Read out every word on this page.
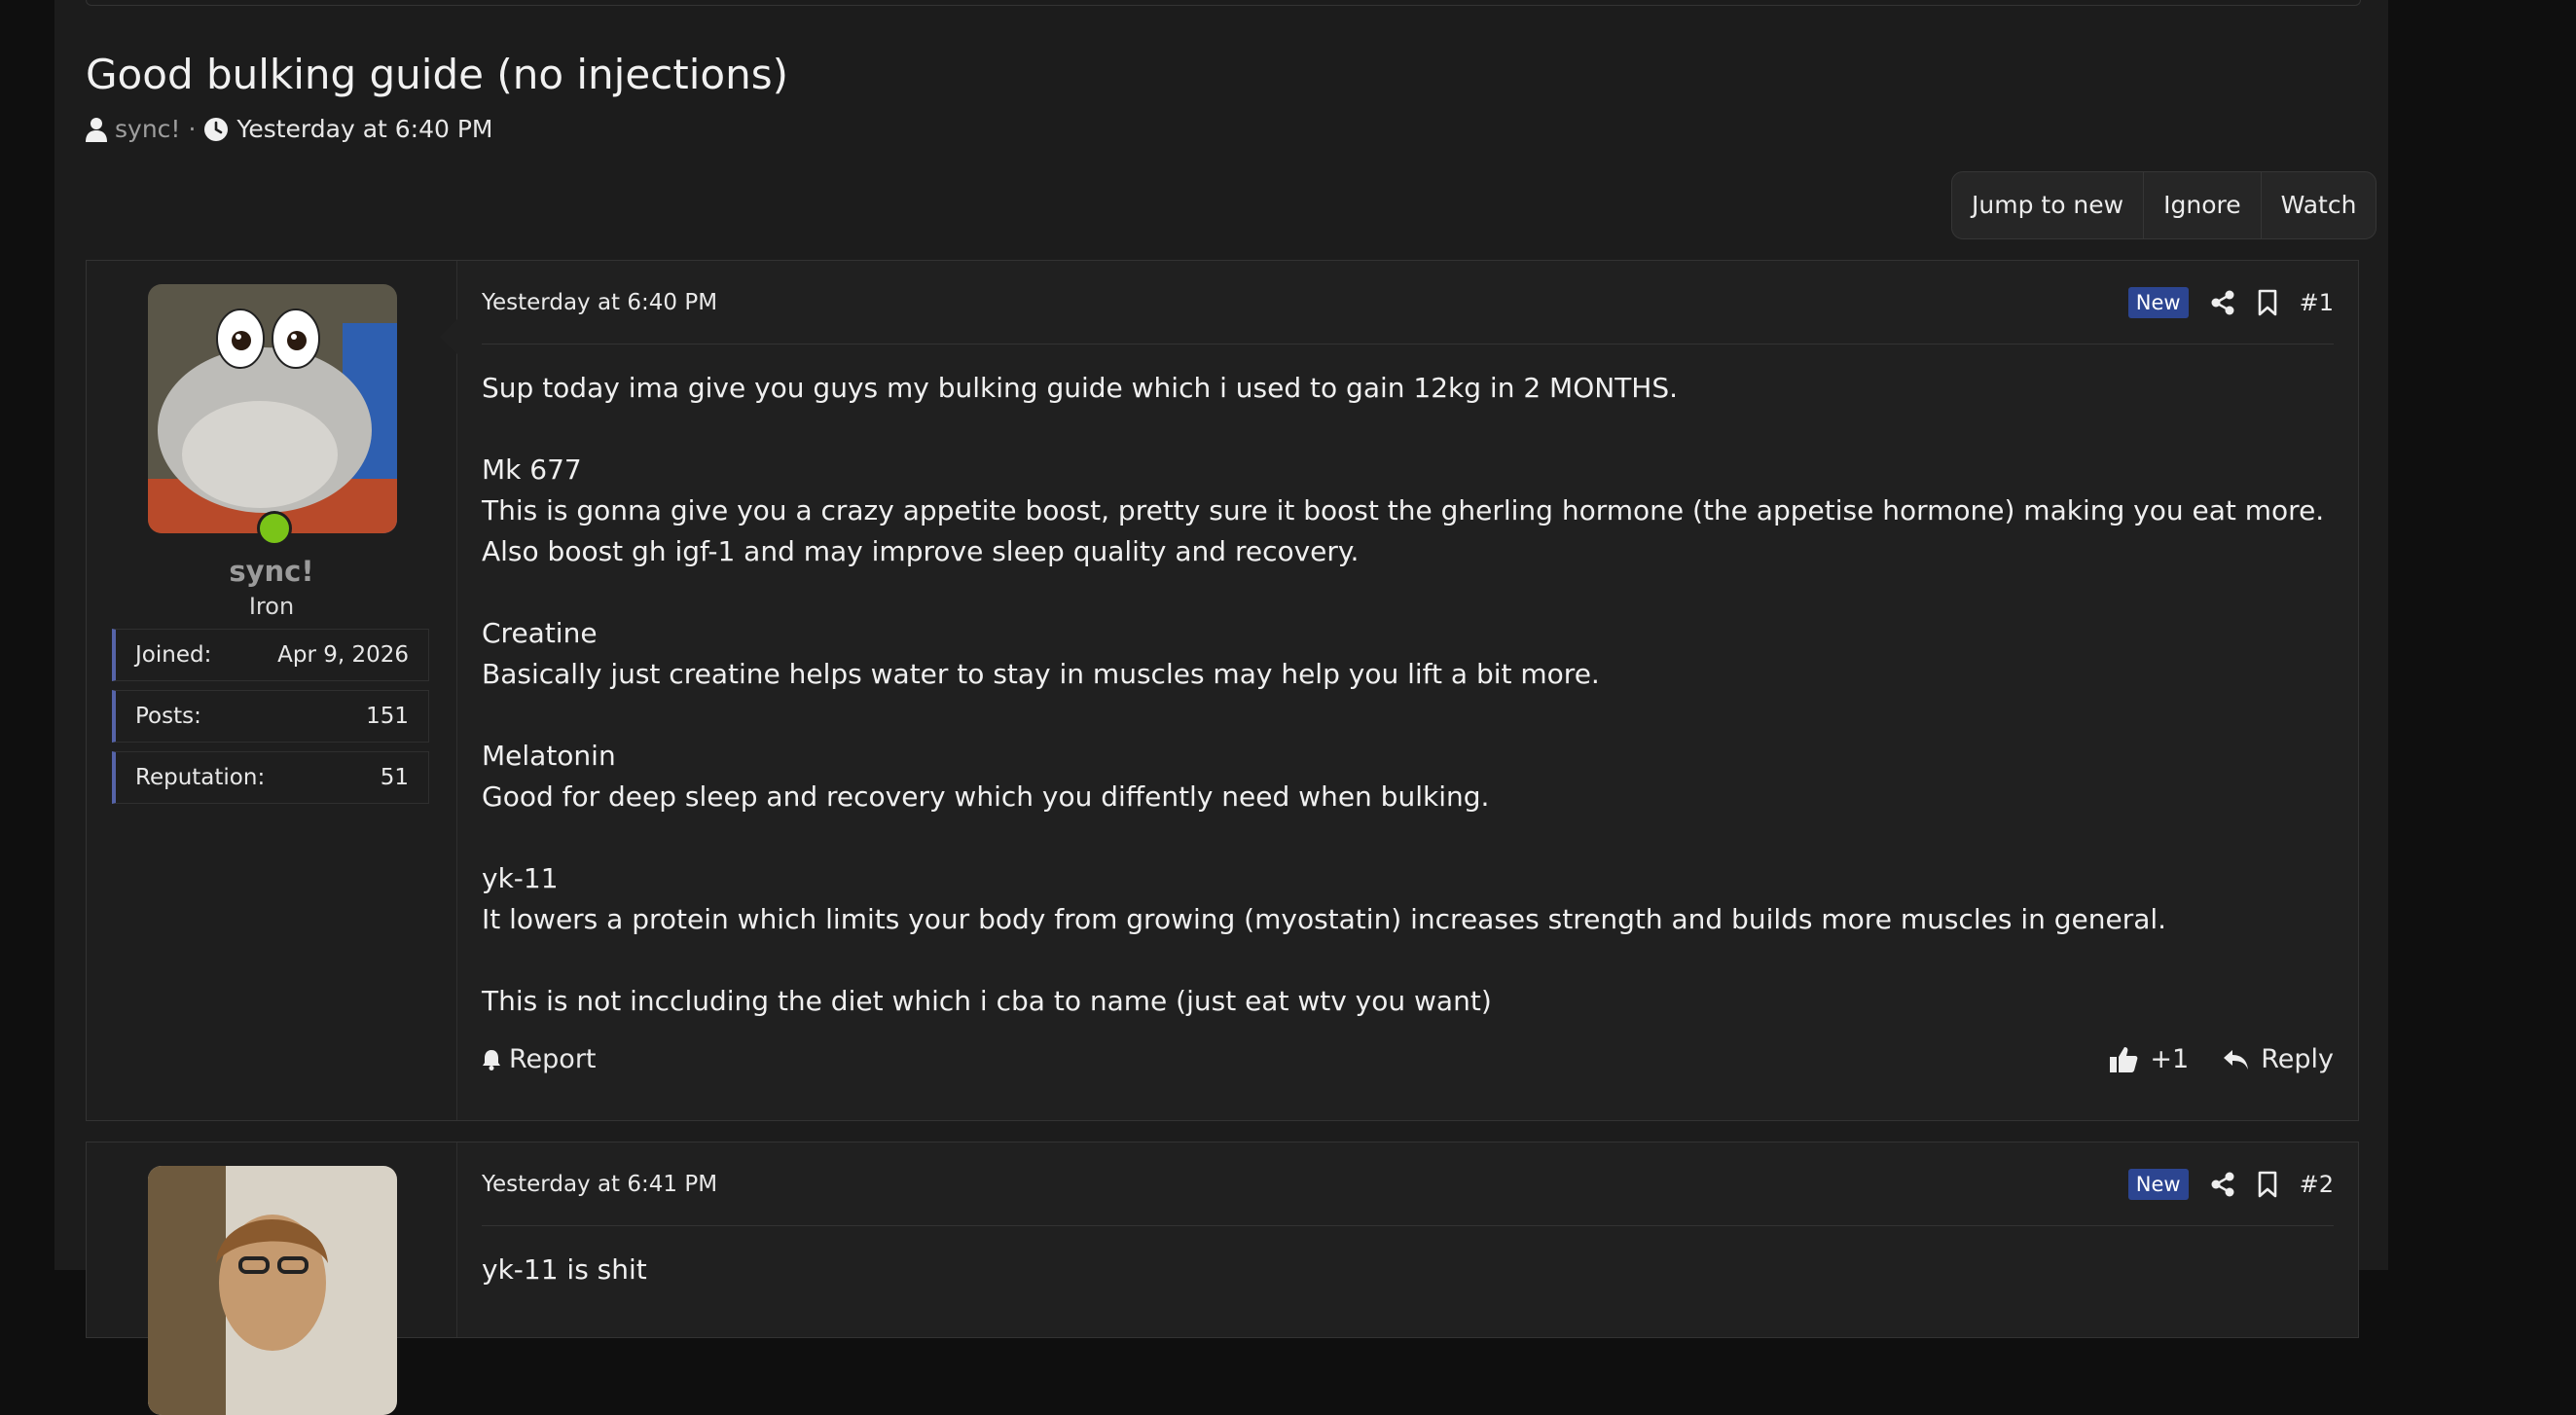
Good bulking guide (no injections)
sync! · Yesterday at 6:40 PM
Jump to new	Ignore	Watch
sync!
Iron
Joined:	Apr 9, 2026
Posts:	151
Reputation:	51
Yesterday at 6:40 PM	New	#1

Sup today ima give you guys my bulking guide which i used to gain 12kg in 2 MONTHS.

Mk 677

This is gonna give you a crazy appetite boost, pretty sure it boost the gherling hormone (the appetise hormone) making you eat more.

Also boost gh igf-1 and may improve sleep quality and recovery.

Creatine

Basically just creatine helps water to stay in muscles may help you lift a bit more.

Melatonin

Good for deep sleep and recovery which you diffently need when bulking.

yk-11

It lowers a protein which limits your body from growing (myostatin) increases strength and builds more muscles in general.

This is not inccluding the diet which i cba to name (just eat wtv you want)

Report	+1	Reply
Yesterday at 6:41 PM	New	#2

yk-11 is shit
